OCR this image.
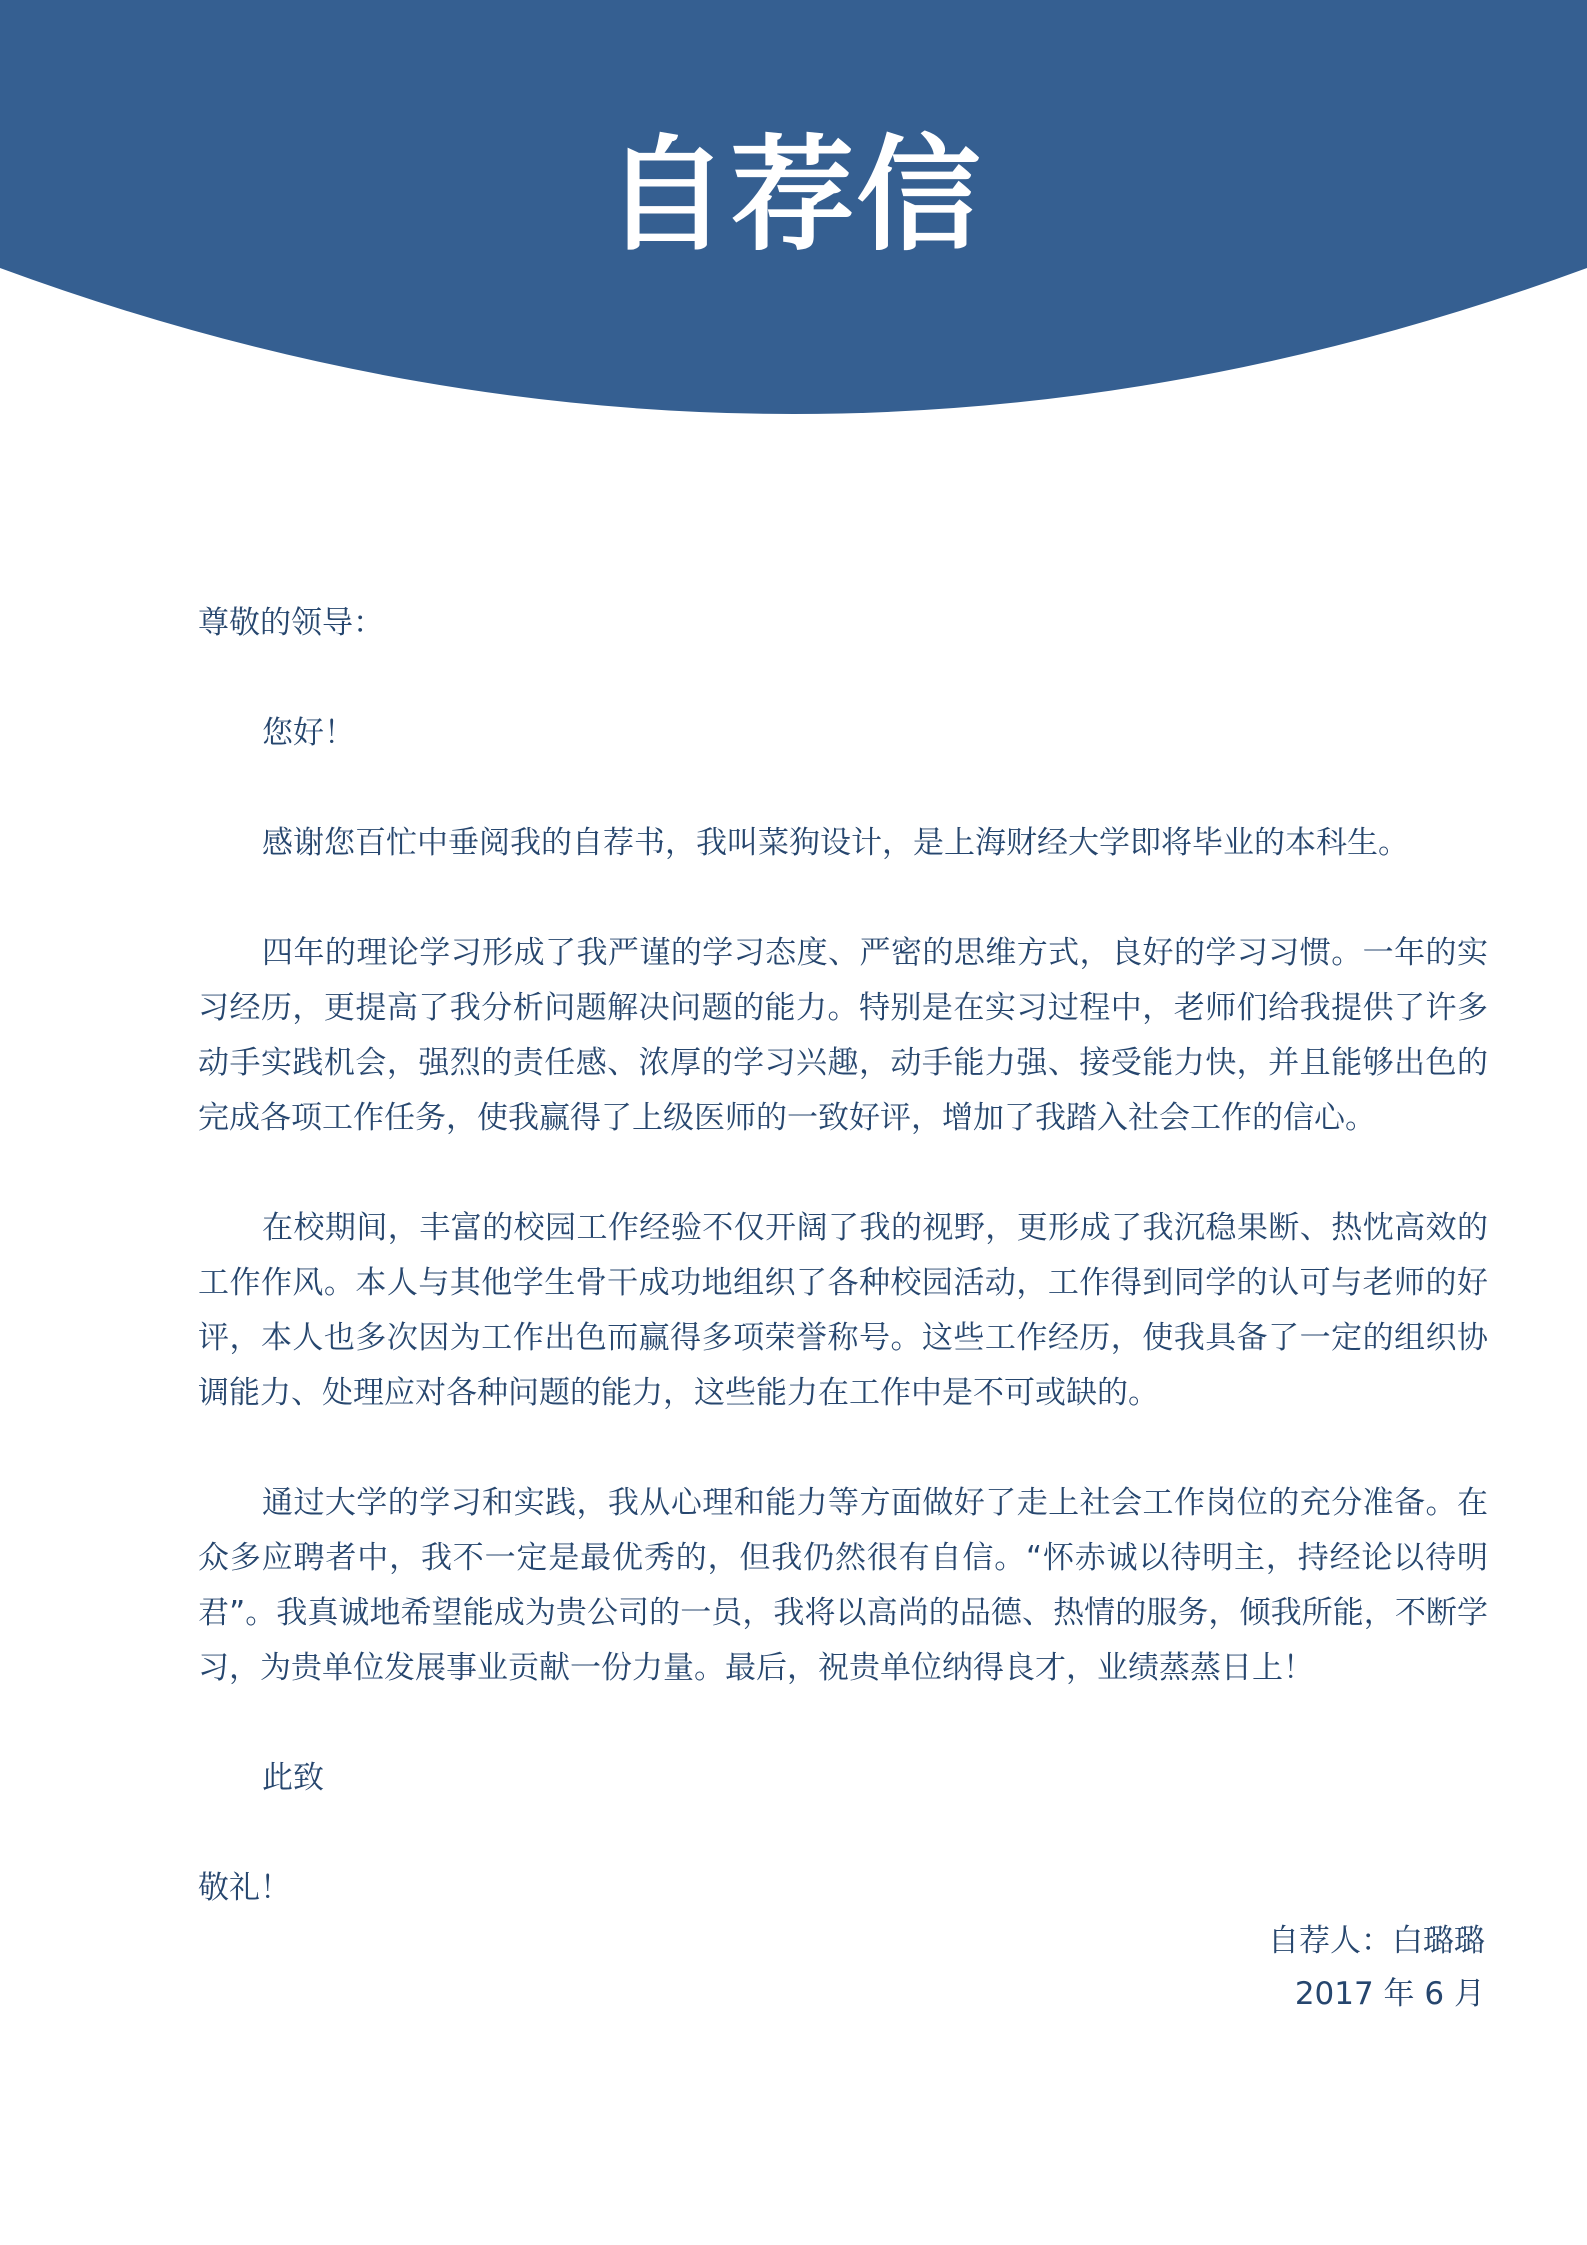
自荐信

尊敬的领导：

您好！

感谢您百忙中垂阅我的自荐书，我叫菜狗设计，是上海财经大学即将毕业的本科生。

四年的理论学习形成了我严谨的学习态度、严密的思维方式，良好的学习习惯。一年的实习经历，更提高了我分析问题解决问题的能力。特别是在实习过程中，老师们给我提供了许多动手实践机会，强烈的责任感、浓厚的学习兴趣，动手能力强、接受能力快，并且能够出色的完成各项工作任务，使我赢得了上级医师的一致好评，增加了我踏入社会工作的信心。

在校期间，丰富的校园工作经验不仅开阔了我的视野，更形成了我沉稳果断、热忱高效的工作作风。本人与其他学生骨干成功地组织了各种校园活动，工作得到同学的认可与老师的好评，本人也多次因为工作出色而赢得多项荣誉称号。这些工作经历，使我具备了一定的组织协调能力、处理应对各种问题的能力，这些能力在工作中是不可或缺的。

通过大学的学习和实践，我从心理和能力等方面做好了走上社会工作岗位的充分准备。在众多应聘者中，我不一定是最优秀的，但我仍然很有自信。“怀赤诚以待明主，持经论以待明君”。我真诚地希望能成为贵公司的一员，我将以高尚的品德、热情的服务，倾我所能，不断学习，为贵单位发展事业贡献一份力量。最后，祝贵单位纳得良才，业绩蒸蒸日上！

此致

敬礼！

自荐人：白璐璐
2017 年 6 月
